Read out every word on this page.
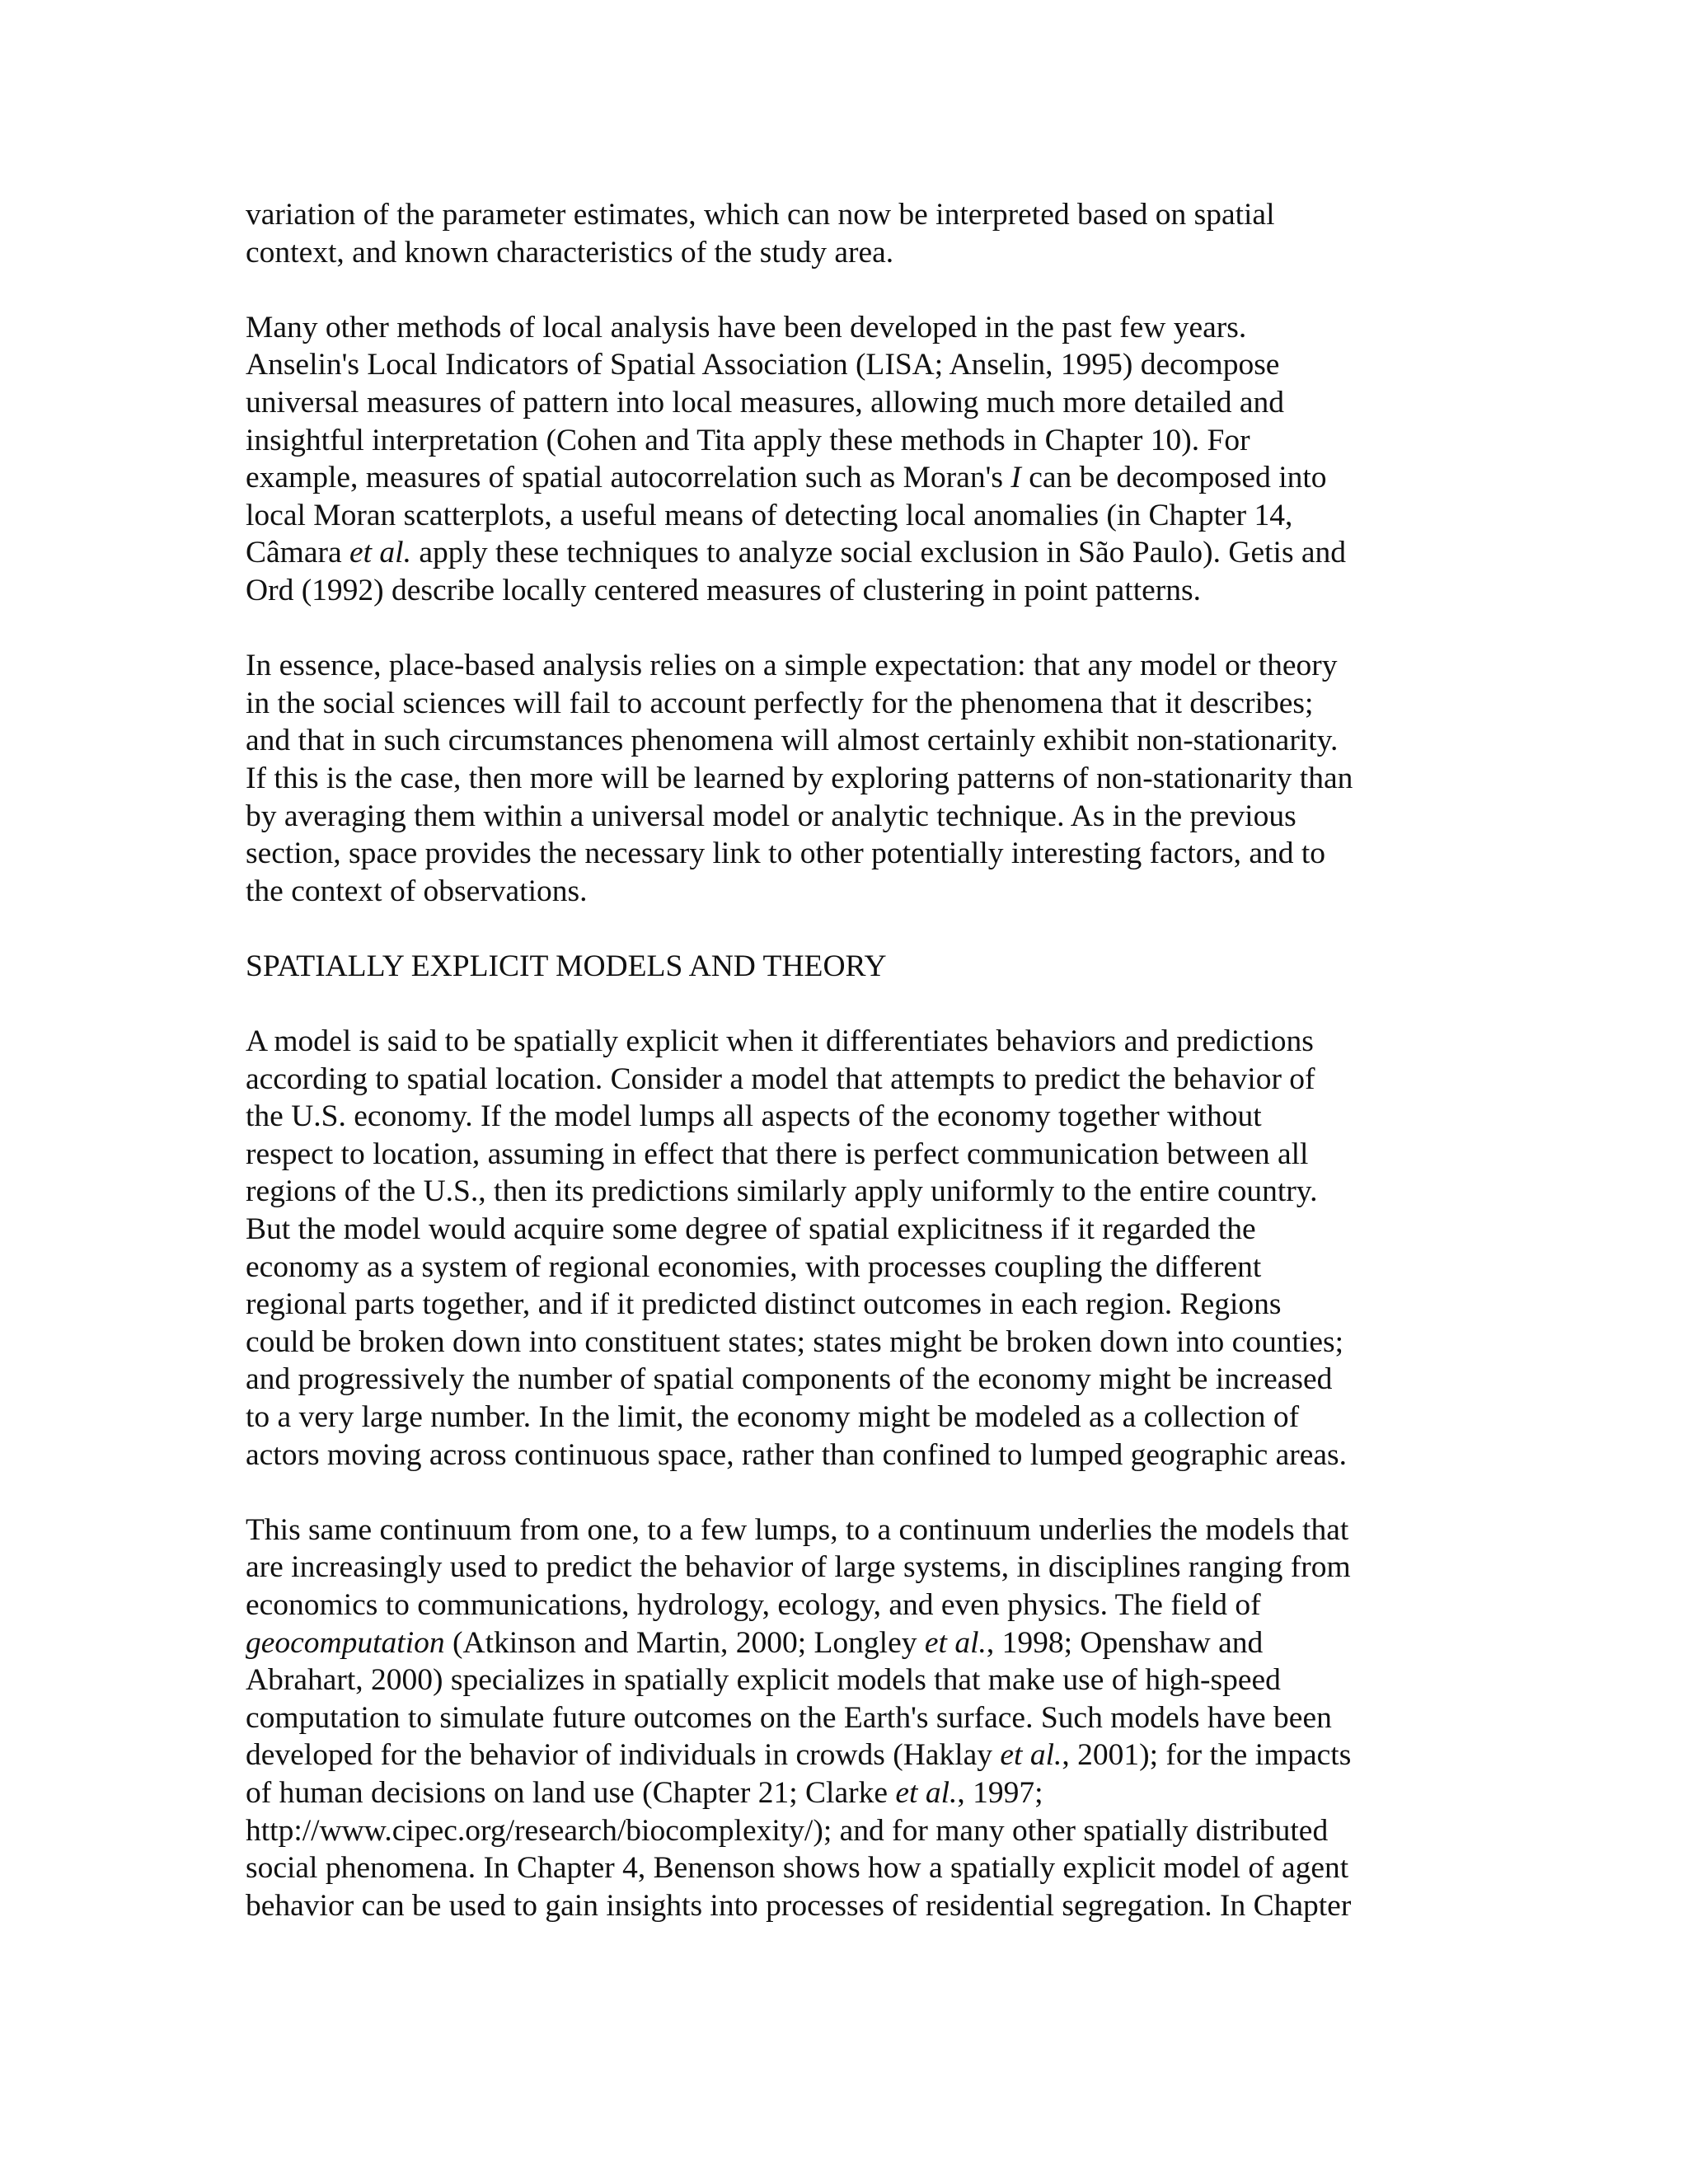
variation of the parameter estimates, which can now be interpreted based on spatial
context, and known characteristics of the study area.
Many other methods of local analysis have been developed in the past few years.
Anselin's Local Indicators of Spatial Association (LISA; Anselin, 1995) decompose
universal measures of pattern into local measures, allowing much more detailed and
insightful interpretation (Cohen and Tita apply these methods in Chapter 10). For
example, measures of spatial autocorrelation such as Moran's I can be decomposed into
local Moran scatterplots, a useful means of detecting local anomalies (in Chapter 14,
Câmara et al. apply these techniques to analyze social exclusion in São Paulo). Getis and
Ord (1992) describe locally centered measures of clustering in point patterns.
In essence, place-based analysis relies on a simple expectation: that any model or theory
in the social sciences will fail to account perfectly for the phenomena that it describes;
and that in such circumstances phenomena will almost certainly exhibit non-stationarity.
If this is the case, then more will be learned by exploring patterns of non-stationarity than
by averaging them within a universal model or analytic technique. As in the previous
section, space provides the necessary link to other potentially interesting factors, and to
the context of observations.
SPATIALLY EXPLICIT MODELS AND THEORY
A model is said to be spatially explicit when it differentiates behaviors and predictions
according to spatial location. Consider a model that attempts to predict the behavior of
the U.S. economy. If the model lumps all aspects of the economy together without
respect to location, assuming in effect that there is perfect communication between all
regions of the U.S., then its predictions similarly apply uniformly to the entire country.
But the model would acquire some degree of spatial explicitness if it regarded the
economy as a system of regional economies, with processes coupling the different
regional parts together, and if it predicted distinct outcomes in each region. Regions
could be broken down into constituent states; states might be broken down into counties;
and progressively the number of spatial components of the economy might be increased
to a very large number. In the limit, the economy might be modeled as a collection of
actors moving across continuous space, rather than confined to lumped geographic areas.
This same continuum from one, to a few lumps, to a continuum underlies the models that
are increasingly used to predict the behavior of large systems, in disciplines ranging from
economics to communications, hydrology, ecology, and even physics. The field of
geocomputation (Atkinson and Martin, 2000; Longley et al., 1998; Openshaw and
Abrahart, 2000) specializes in spatially explicit models that make use of high-speed
computation to simulate future outcomes on the Earth's surface. Such models have been
developed for the behavior of individuals in crowds (Haklay et al., 2001); for the impacts
of human decisions on land use (Chapter 21; Clarke et al., 1997;
http://www.cipec.org/research/biocomplexity/); and for many other spatially distributed
social phenomena. In Chapter 4, Benenson shows how a spatially explicit model of agent
behavior can be used to gain insights into processes of residential segregation. In Chapter
